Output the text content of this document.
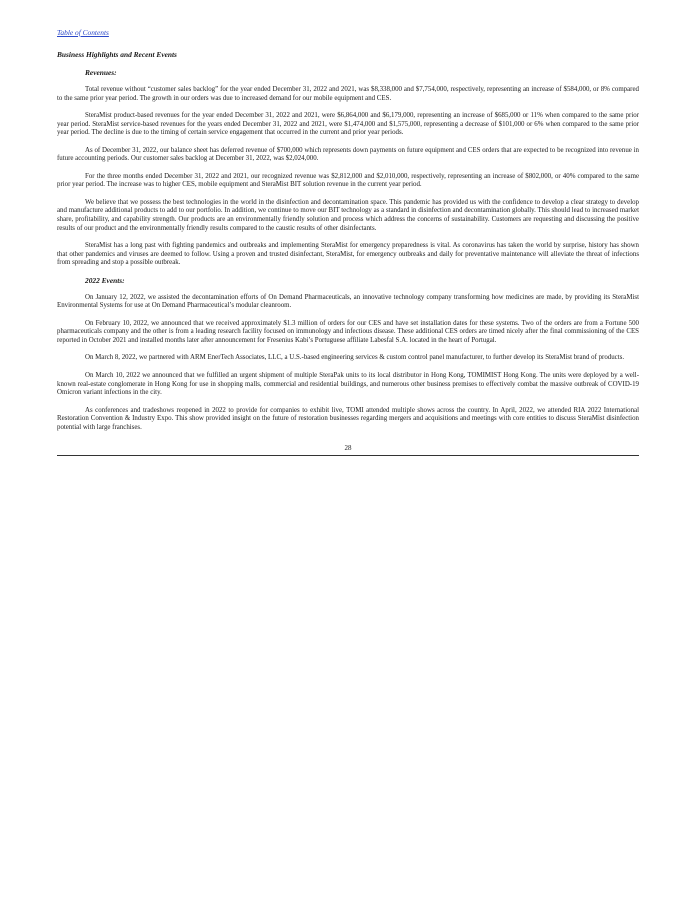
Table of Contents
Business Highlights and Recent Events
Revenues:

Total revenue without “customer sales backlog” for the year ended December 31, 2022 and 2021, was $8,338,000 and $7,754,000, respectively, representing an increase of $584,000, or 8% compared to the same prior year period. The growth in our orders was due to increased demand for our mobile equipment and CES.

SteraMist product-based revenues for the year ended December 31, 2022 and 2021, were $6,864,000 and $6,179,000, representing an increase of $685,000 or 11% when compared to the same prior year period. SteraMist service-based revenues for the years ended December 31, 2022 and 2021, were $1,474,000 and $1,575,000, representing a decrease of $101,000 or 6% when compared to the same prior year period. The decline is due to the timing of certain service engagement that occurred in the current and prior year periods.

As of December 31, 2022, our balance sheet has deferred revenue of $700,000 which represents down payments on future equipment and CES orders that are expected to be recognized into revenue in future accounting periods. Our customer sales backlog at December 31, 2022, was $2,024,000.

For the three months ended December 31, 2022 and 2021, our recognized revenue was $2,812,000 and $2,010,000, respectively, representing an increase of $802,000, or 40% compared to the same prior year period. The increase was to higher CES, mobile equipment and SteraMist BIT solution revenue in the current year period.

We believe that we possess the best technologies in the world in the disinfection and decontamination space. This pandemic has provided us with the confidence to develop a clear strategy to develop and manufacture additional products to add to our portfolio. In addition, we continue to move our BIT technology as a standard in disinfection and decontamination globally. This should lead to increased market share, profitability, and capability strength. Our products are an environmentally friendly solution and process which address the concerns of sustainability. Customers are requesting and discussing the positive results of our product and the environmentally friendly results compared to the caustic results of other disinfectants.

SteraMist has a long past with fighting pandemics and outbreaks and implementing SteraMist for emergency preparedness is vital. As coronavirus has taken the world by surprise, history has shown that other pandemics and viruses are deemed to follow. Using a proven and trusted disinfectant, SteraMist, for emergency outbreaks and daily for preventative maintenance will alleviate the threat of infections from spreading and stop a possible outbreak.

2022 Events:

On January 12, 2022, we assisted the decontamination efforts of On Demand Pharmaceuticals, an innovative technology company transforming how medicines are made, by providing its SteraMist Environmental Systems for use at On Demand Pharmaceutical’s modular cleanroom.

On February 10, 2022, we announced that we received approximately $1.3 million of orders for our CES and have set installation dates for these systems. Two of the orders are from a Fortune 500 pharmaceuticals company and the other is from a leading research facility focused on immunology and infectious disease. These additional CES orders are timed nicely after the final commissioning of the CES reported in October 2021 and installed months later after announcement for Fresenius Kabi’s Portuguese affiliate Labesfal S.A. located in the heart of Portugal.

On March 8, 2022, we partnered with ARM EnerTech Associates, LLC, a U.S.-based engineering services & custom control panel manufacturer, to further develop its SteraMist brand of products.

On March 10, 2022 we announced that we fulfilled an urgent shipment of multiple SteraPak units to its local distributor in Hong Kong, TOMIMIST Hong Kong. The units were deployed by a well-known real-estate conglomerate in Hong Kong for use in shopping malls, commercial and residential buildings, and numerous other business premises to effectively combat the massive outbreak of COVID-19 Omicron variant infections in the city.

As conferences and tradeshows reopened in 2022 to provide for companies to exhibit live, TOMI attended multiple shows across the country. In April, 2022, we attended RIA 2022 International Restoration Convention & Industry Expo. This show provided insight on the future of restoration businesses regarding mergers and acquisitions and meetings with core entities to discuss SteraMist disinfection potential with large franchises.

28
